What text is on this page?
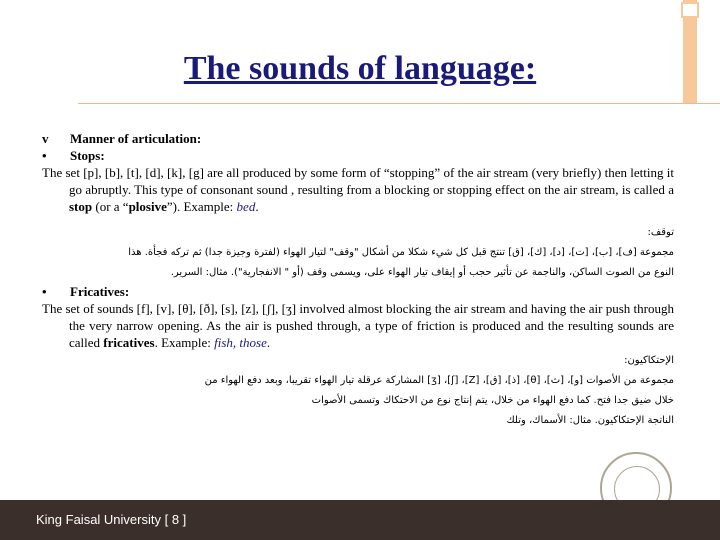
The sounds of language:
v Manner of articulation:
• Stops:
The set [p], [b], [t], [d], [k], [g] are all produced by some form of “stopping” of the air stream (very briefly) then letting it go abruptly. This type of consonant sound , resulting from a blocking or stopping effect on the air stream, is called a stop (or a “plosive”). Example: bed.
توقف:
مجموعة [ف]، [ب]، [ت]، [د]، [ك]، [ق] تنتج قبل كل شيء شكلا من أشكال "وقف" لتيار الهواء (لفترة وجيزة جدا) ثم تركه فجأة. هذا
النوع من الصوت الساكن، والناجمة عن تأثير حجب أو إيقاف تيار الهواء على، ويسمى وقف (أو " الانفجارية"). مثال: السرير.
• Fricatives:
The set of sounds [f], [v], [θ], [ð], [s], [z], [ʃ], [ʒ] involved almost blocking the air stream and having the air push through the very narrow opening. As the air is pushed through, a type of friction is produced and the resulting sounds are called fricatives. Example: fish, those.
الإحتكاكيون:
مجموعة من الأصوات [و]، [ث]، [θ]، [ذ]، [ق]، [Z]، [ʃ]، [ʒ] المشاركة عرقلة تيار الهواء تقريبا، وبعد دفع الهواء من
خلال ضيق جدا فتح. كما دفع الهواء من خلال، يتم إنتاج نوع من الاحتكاك وتسمى الأصوات
الناتجة الإحتكاكيون. مثال: الأسماك، وتلك
King Faisal University [ 8 ]
